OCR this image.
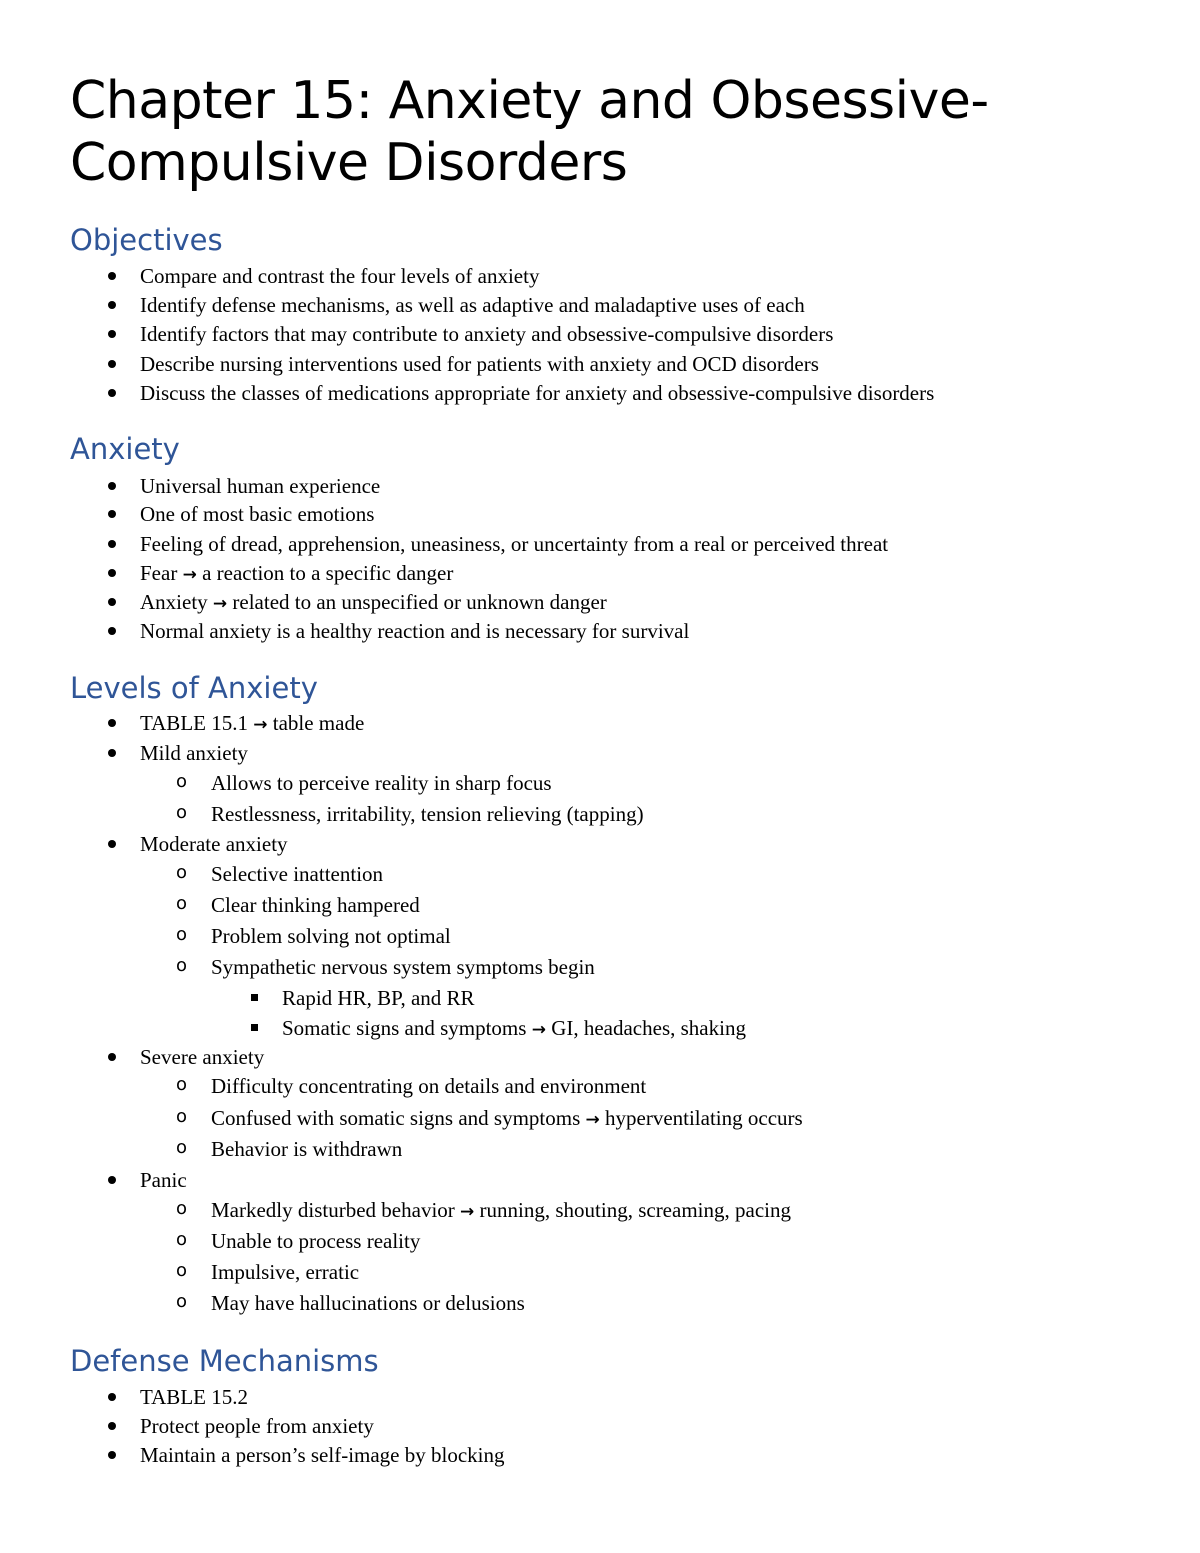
Chapter 15: Anxiety and Obsessive-
Compulsive Disorders
Objectives
Compare and contrast the four levels of anxiety
Identify defense mechanisms, as well as adaptive and maladaptive uses of each
Identify factors that may contribute to anxiety and obsessive-compulsive disorders
Describe nursing interventions used for patients with anxiety and OCD disorders
Discuss the classes of medications appropriate for anxiety and obsessive-compulsive disorders
Anxiety
Universal human experience
One of most basic emotions
Feeling of dread, apprehension, uneasiness, or uncertainty from a real or perceived threat
Fear → a reaction to a specific danger
Anxiety → related to an unspecified or unknown danger
Normal anxiety is a healthy reaction and is necessary for survival
Levels of Anxiety
TABLE 15.1 → table made
Mild anxiety
o Allows to perceive reality in sharp focus
o Restlessness, irritability, tension relieving (tapping)
Moderate anxiety
o Selective inattention
o Clear thinking hampered
o Problem solving not optimal
o Sympathetic nervous system symptoms begin
Rapid HR, BP, and RR
Somatic signs and symptoms → GI, headaches, shaking
Severe anxiety
o Difficulty concentrating on details and environment
o Confused with somatic signs and symptoms → hyperventilating occurs
o Behavior is withdrawn
Panic
o Markedly disturbed behavior → running, shouting, screaming, pacing
o Unable to process reality
o Impulsive, erratic
o May have hallucinations or delusions
Defense Mechanisms
TABLE 15.2
Protect people from anxiety
Maintain a person’s self-image by blocking
